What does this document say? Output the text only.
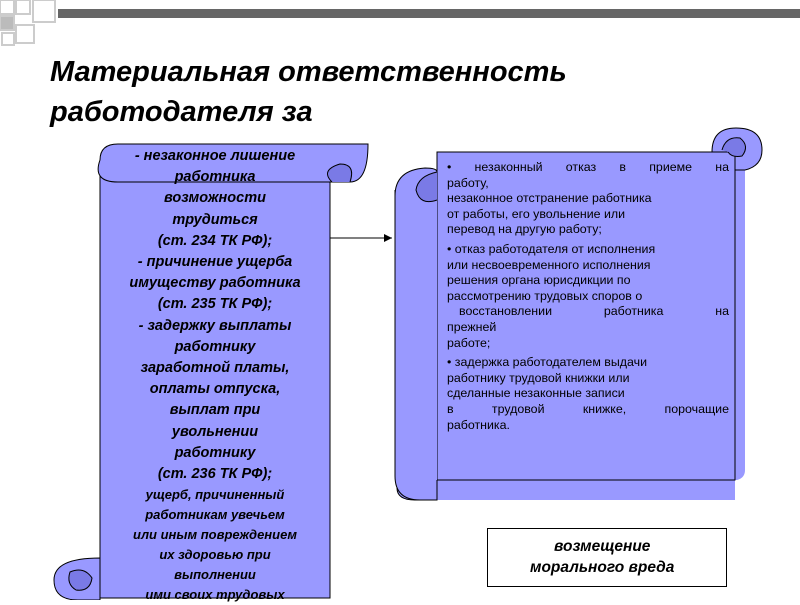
Материальная ответственность
работодателя за
- незаконное лишение
работника
возможности
трудиться
(ст. 234 ТК РФ);
- причинение ущерба
имуществу работника
(ст. 235 ТК РФ);
- задержку выплаты
работнику
заработной платы,
оплаты отпуска,
выплат при
увольнении
работнику
(ст. 236 ТК РФ);
ущерб, причиненный
работникам увечьем
или иным повреждением
их здоровью при
выполнении
ими своих трудовых
• незаконный отказ в приеме на
работу,
незаконное отстранение работника
от работы, его увольнение или
перевод на другую работу;
• отказ работодателя от исполнения
или несвоевременного исполнения
решения органа юрисдикции по
рассмотрению трудовых споров о
восстановлении работника на
прежней
работе;
• задержка работодателем выдачи
работнику трудовой книжки или
сделанные незаконные записи
в трудовой книжке, порочащие
работника.
возмещение
морального вреда
